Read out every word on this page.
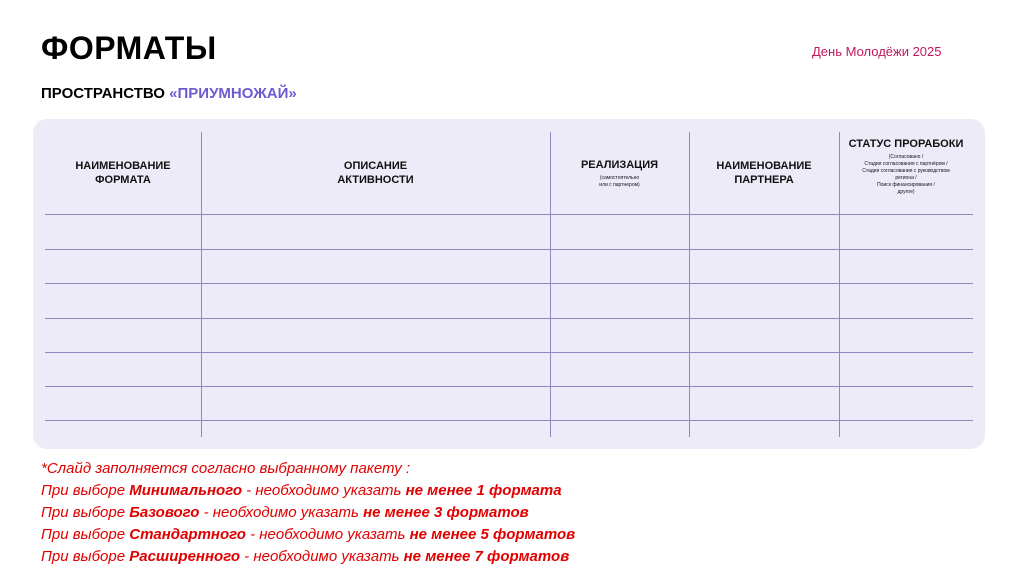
ФОРМАТЫ	День Молодёжи 2025
ПРОСТРАНСТВО «ПРИУМНОЖАЙ»
НАИМЕНОВАНИЕ
ФОРМАТА
ОПИСАНИЕ
АКТИВНОСТИ
РЕАЛИЗАЦИЯ
(самостоятельно
или с партнером)
НАИМЕНОВАНИЕ
ПАРТНЕРА
СТАТУС ПРОРАБОКИ
(Согласовано /
Стадия согласования с партнёром /
Стадия согласования с руководством
региона /
Поиск финансирования /
другое)
*Слайд заполняется согласно выбранному пакету :
При выборе Минимального - необходимо указать не менее 1 формата
При выборе Базового - необходимо указать не менее 3 форматов
При выборе Стандартного - необходимо указать не менее 5 форматов
При выборе Расширенного - необходимо указать не менее 7 форматов
